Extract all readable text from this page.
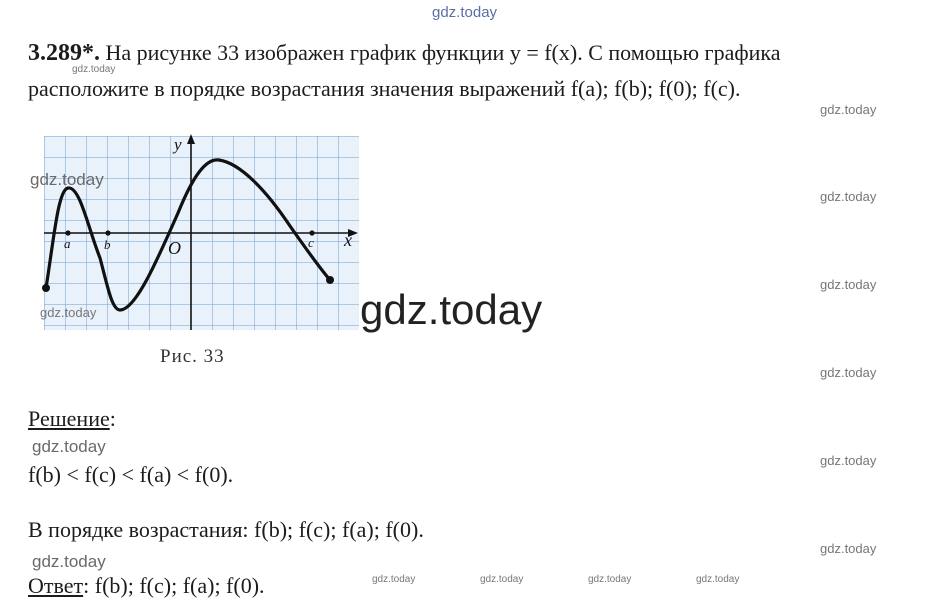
gdz.today
3.289*. На рисунке 33 изображен график функции y = f(x). С помощью графика
gdz.today
расположите в порядке возрастания значения выражений f(a); f(b); f(0); f(c).
gdz.today
y
x
a	b	O	c
gdz.today
gdz.today
gdz.today
gdz.today
gdz.today
Рис. 33
gdz.today
Решение:
gdz.today
f(b) < f(c) < f(a) < f(0).
gdz.today
В порядке возрастания: f(b); f(c); f(a); f(0).
gdz.today
gdz.today
Ответ: f(b); f(c); f(a); f(0).	gdz.today	gdz.today	gdz.today	gdz.today
